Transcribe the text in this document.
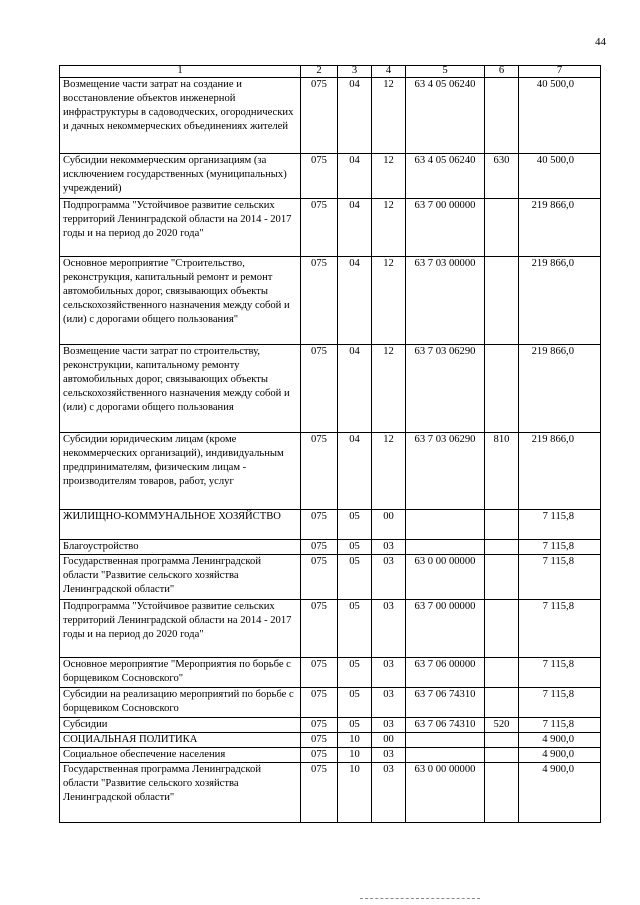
44
1	2	3	4	5	6	7
Возмещение части затрат на создание и восстановление объектов инженерной инфраструктуры в садоводческих, огороднических и дачных некоммерческих объединениях жителей	075	04	12	63 4 05 06240		40 500,0
Субсидии некоммерческим организациям (за исключением государственных (муниципальных) учреждений)	075	04	12	63 4 05 06240	630	40 500,0
Подпрограмма "Устойчивое развитие сельских территорий Ленинградской области на 2014 - 2017 годы и на период до 2020 года"	075	04	12	63 7 00 00000		219 866,0
Основное мероприятие "Строительство, реконструкция, капитальный ремонт и ремонт автомобильных дорог, связывающих объекты сельскохозяйственного назначения между собой и (или) с дорогами общего пользования"	075	04	12	63 7 03 00000		219 866,0
Возмещение части затрат по строительству, реконструкции, капитальному ремонту автомобильных дорог, связывающих объекты сельскохозяйственного назначения между собой и (или) с дорогами общего пользования	075	04	12	63 7 03 06290		219 866,0
Субсидии юридическим лицам (кроме некоммерческих организаций), индивидуальным предпринимателям, физическим лицам - производителям товаров, работ, услуг	075	04	12	63 7 03 06290	810	219 866,0
ЖИЛИЩНО-КОММУНАЛЬНОЕ ХОЗЯЙСТВО	075	05	00			7 115,8
Благоустройство	075	05	03			7 115,8
Государственная программа Ленинградской области "Развитие сельского хозяйства Ленинградской области"	075	05	03	63 0 00 00000		7 115,8
Подпрограмма "Устойчивое развитие сельских территорий Ленинградской области на 2014 - 2017 годы и на период до 2020 года"	075	05	03	63 7 00 00000		7 115,8
Основное мероприятие "Мероприятия по борьбе с борщевиком Сосновского"	075	05	03	63 7 06 00000		7 115,8
Субсидии на реализацию мероприятий по борьбе с борщевиком Сосновского	075	05	03	63 7 06 74310		7 115,8
Субсидии	075	05	03	63 7 06 74310	520	7 115,8
СОЦИАЛЬНАЯ ПОЛИТИКА	075	10	00			4 900,0
Социальное обеспечение населения	075	10	03			4 900,0
Государственная программа Ленинградской области "Развитие сельского хозяйства Ленинградской области"	075	10	03	63 0 00 00000		4 900,0
